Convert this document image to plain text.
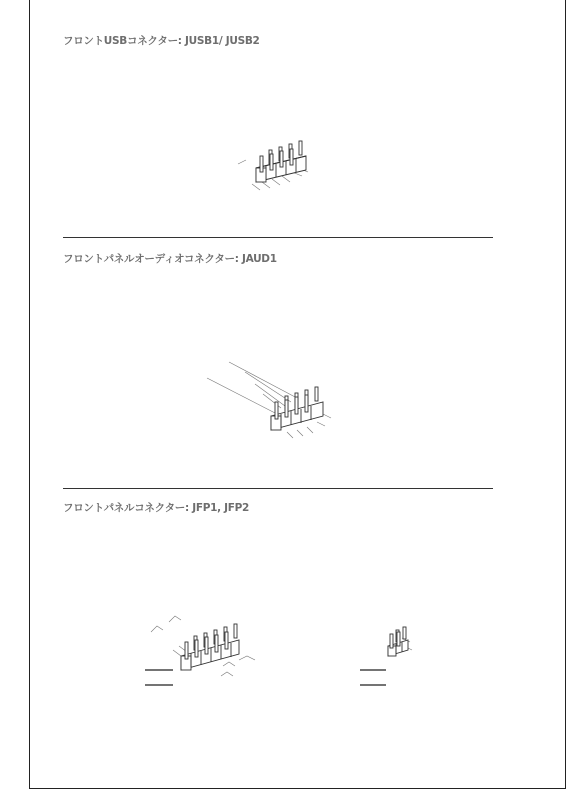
フロントUSBコネクター: JUSB1/ JUSB2
フロントパネルオーディオコネクター: JAUD1
フロントパネルコネクター: JFP1, JFP2
